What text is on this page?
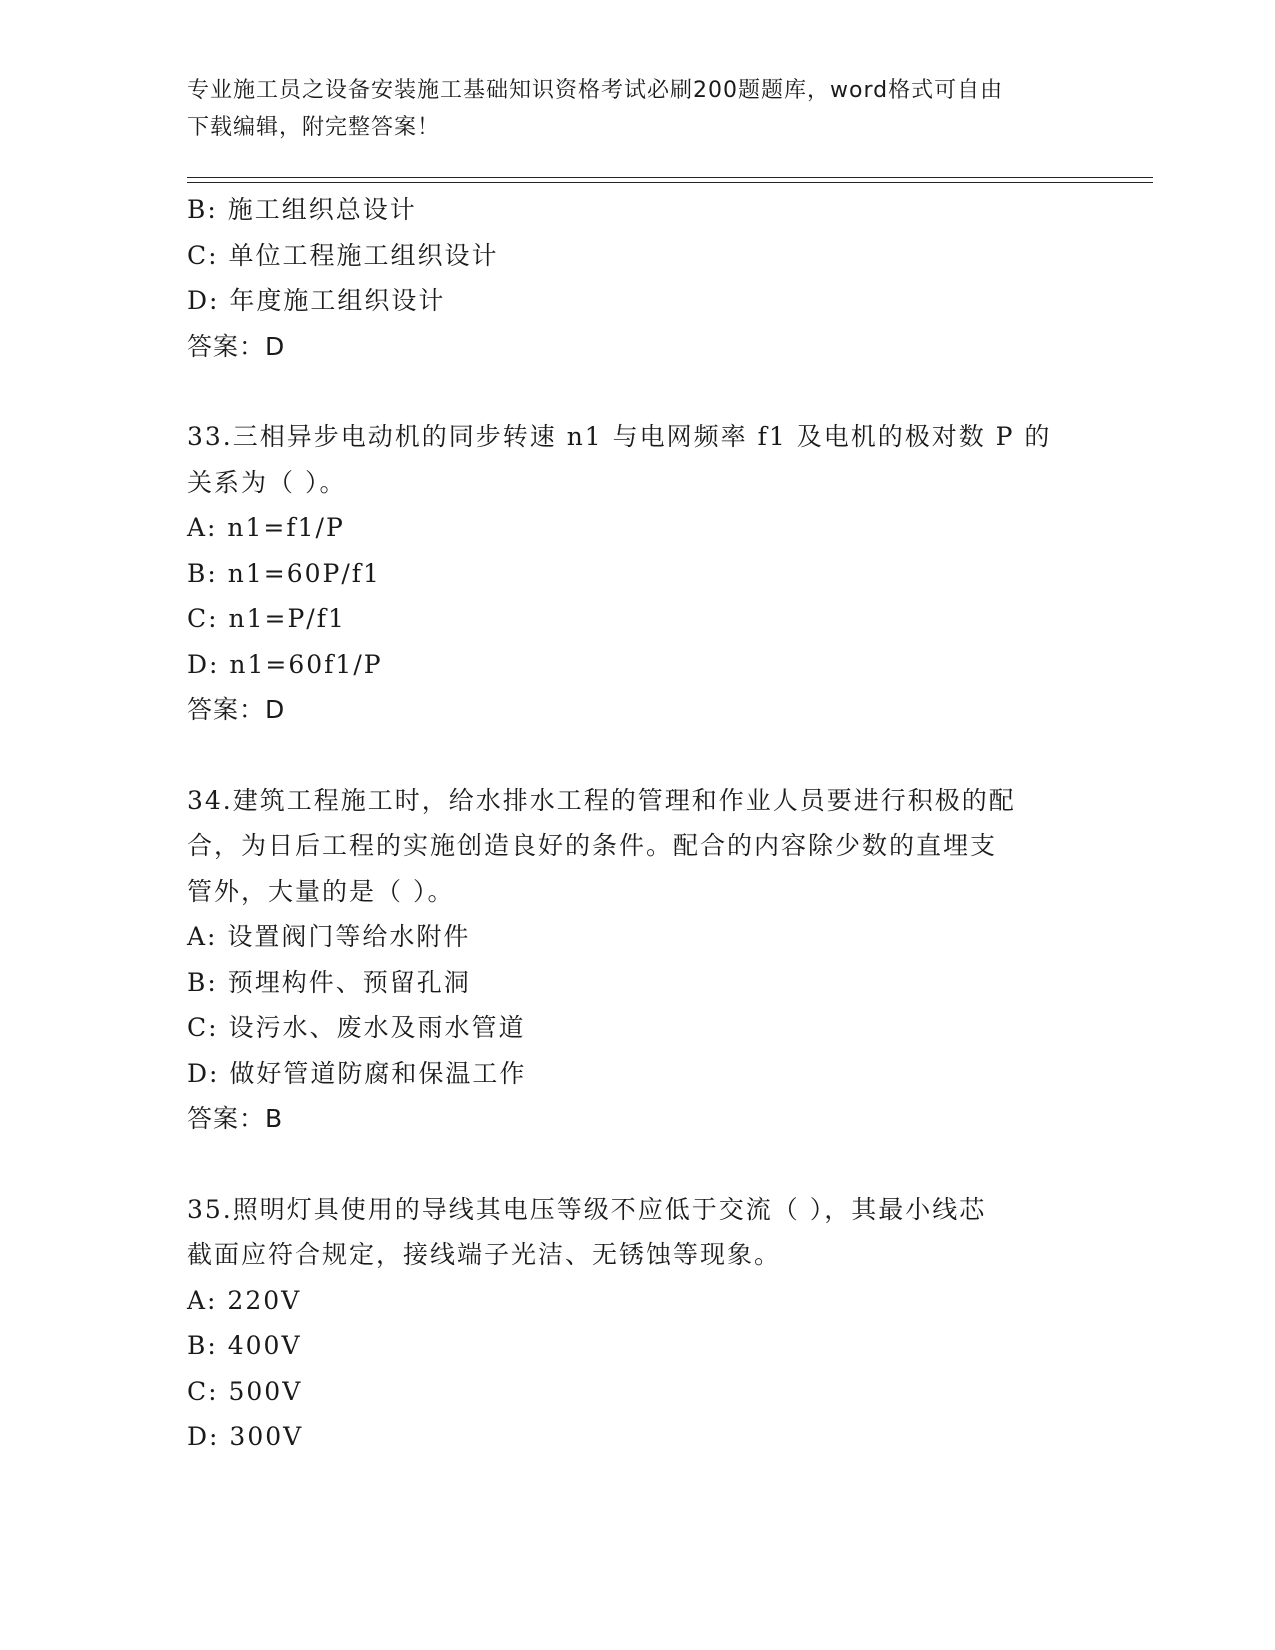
专业施工员之设备安装施工基础知识资格考试必刷200题题库，word格式可自由
下载编辑，附完整答案！
B: 施工组织总设计
C: 单位工程施工组织设计
D: 年度施工组织设计
答案：D
33.三相异步电动机的同步转速 n1 与电网频率 f1 及电机的极对数 P 的
关系为（ ）。
A: n1=f1/P
B: n1=60P/f1
C: n1=P/f1
D: n1=60f1/P
答案：D
34.建筑工程施工时，给水排水工程的管理和作业人员要进行积极的配
合，为日后工程的实施创造良好的条件。配合的内容除少数的直埋支
管外，大量的是（ ）。
A: 设置阀门等给水附件
B: 预埋构件、预留孔洞
C: 设污水、废水及雨水管道
D: 做好管道防腐和保温工作
答案：B
35.照明灯具使用的导线其电压等级不应低于交流（ ），其最小线芯
截面应符合规定，接线端子光洁、无锈蚀等现象。
A: 220V
B: 400V
C: 500V
D: 300V
